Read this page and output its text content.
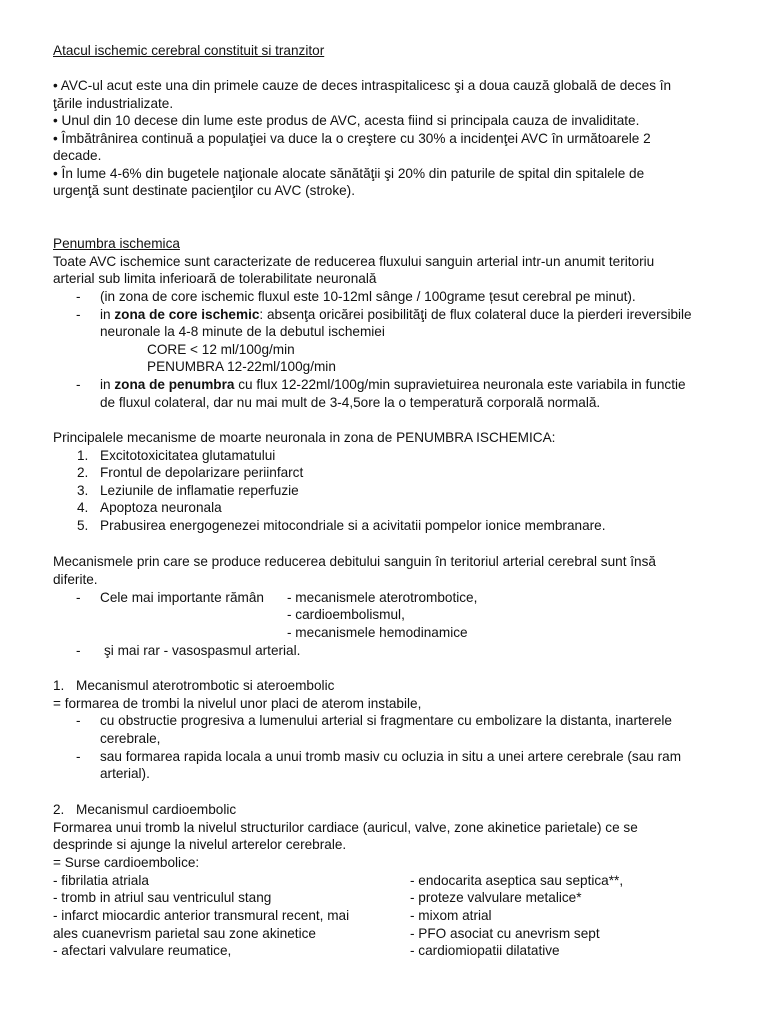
Atacul ischemic cerebral constituit si tranzitor
• AVC-ul acut este una din primele cauze de deces intraspitalicesc şi a doua cauză globală de deces în
ţările industrializate.
• Unul din 10 decese din lume este produs de AVC, acesta fiind si principala cauza de invaliditate.
• Îmbătrânirea continuă a populaţiei va duce la o creştere cu 30% a incidenţei AVC în următoarele 2
decade.
• În lume 4-6% din bugetele naţionale alocate sănătăţii şi 20% din paturile de spital din spitalele de
urgenţă sunt destinate pacienţilor cu AVC (stroke).
Penumbra ischemica
Toate AVC ischemice sunt caracterizate de reducerea fluxului sanguin arterial intr-un anumit teritoriu
arterial sub limita inferioară de tolerabilitate neuronală
- (in zona de core ischemic fluxul este 10-12ml sânge / 100grame țesut cerebral pe minut).
- in zona de core ischemic: absenţa oricărei posibilităţi de flux colateral duce la pierderi ireversibile
neuronale la 4-8 minute de la debutul ischemiei
CORE < 12 ml/100g/min
PENUMBRA 12-22ml/100g/min
- in zona de penumbra cu flux 12-22ml/100g/min supravietuirea neuronala este variabila in functie
de fluxul colateral, dar nu mai mult de 3-4,5ore la o temperatură corporală normală.
Principalele mecanisme de moarte neuronala in zona de PENUMBRA ISCHEMICA:
1. Excitotoxicitatea glutamatului
2. Frontul de depolarizare periinfarct
3. Leziunile de inflamatie reperfuzie
4. Apoptoza neuronala
5. Prabusirea energogenezei mitocondriale si a acivitatii pompelor ionice membranare.
Mecanismele prin care se produce reducerea debitului sanguin în teritoriul arterial cerebral sunt însă
diferite.
- Cele mai importante rămân - mecanismele aterotrombotice,
- cardioembolismul,
- mecanismele hemodinamice
- şi mai rar - vasospasmul arterial.
1. Mecanismul aterotrombotic si ateroembolic
= formarea de trombi la nivelul unor placi de aterom instabile,
- cu obstructie progresiva a lumenului arterial si fragmentare cu embolizare la distanta, inarterele
cerebrale,
- sau formarea rapida locala a unui tromb masiv cu ocluzia in situ a unei artere cerebrale (sau ram
arterial).
2. Mecanismul cardioembolic
Formarea unui tromb la nivelul structurilor cardiace (auricul, valve, zone akinetice parietale) ce se
desprinde si ajunge la nivelul arterelor cerebrale.
= Surse cardioembolice:
- fibrilatia atriala
- tromb in atriul sau ventriculul stang
- infarct miocardic anterior transmural recent, mai
ales cuanevrism parietal sau zone akinetice
- afectari valvulare reumatice,
- endocarita aseptica sau septica**,
- proteze valvulare metalice*
- mixom atrial
- PFO asociat cu anevrism sept
- cardiomiopatii dilatative
